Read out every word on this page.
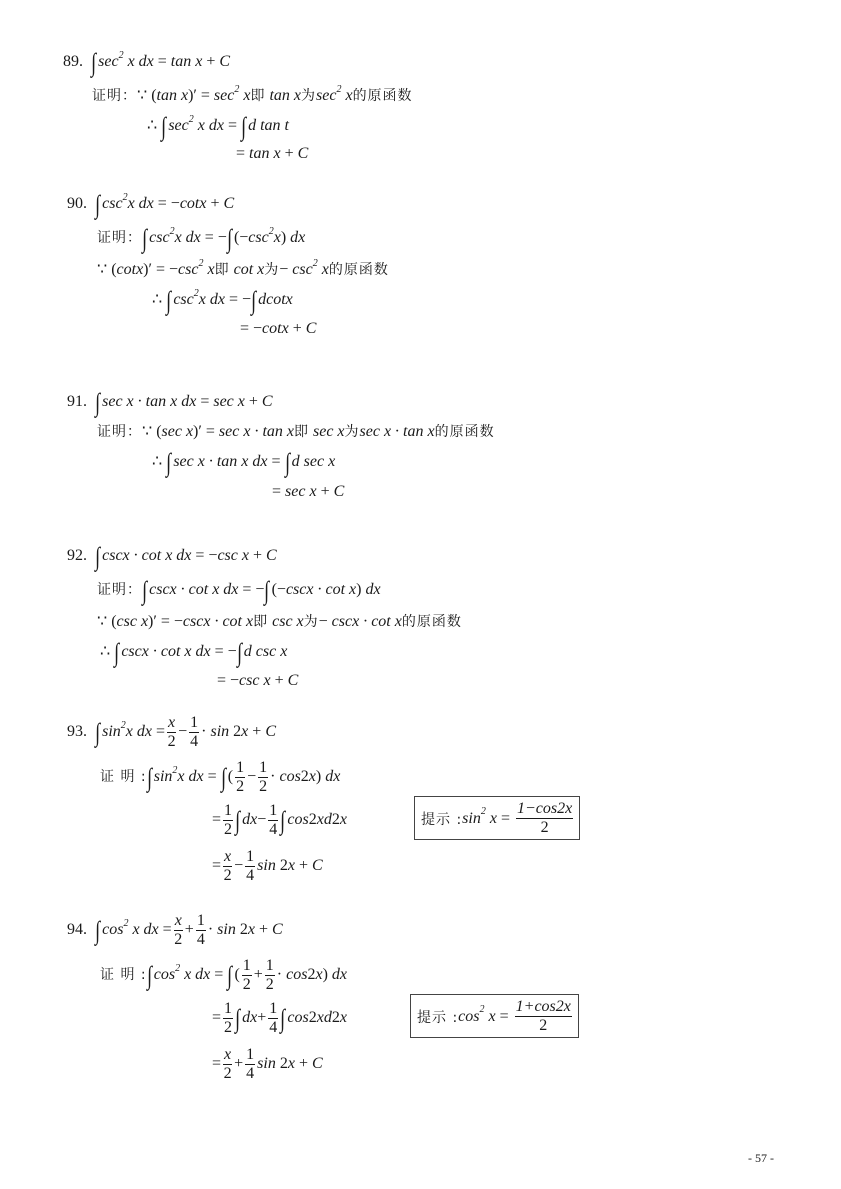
89. ∫ $\sec^2 x$ dx = tan x + C
证明： ∵ ( tan x )′ = $\sec^2 x$ 即
tan x 为 $\sec^2 x$ 的原函数
∴
∫ $\sec^2 x$ dx = ∫ d tan t
= tan x + C
90. ∫ $\csc^2x$ dx = − cotx + C
证明： ∫ $\csc^2x$ dx = − ∫ (− $\csc^2x$ ) dx
∵ ( cotx )′ = − $\csc^2 x$ 即
cot x 为 − $\csc^2 x$ 的原函数
∴
∫ $\csc^2x$ dx = − ∫ dcotx
= − cotx + C
91. ∫ sec x · tan x dx = sec x + C
证明： ∵ ( sec x )′ = sec x · tan x 即
sec x 为 sec x · tan x 的原函数
∴
∫ sec x · tan x dx = ∫ d sec x
= sec x + C
92. ∫ cscx · cot x dx = − csc x + C
证明： ∫ cscx · cot x dx = − ∫ (− cscx · cot x ) dx
∵ ( csc x )′ = − cscx · cot x 即
csc x 为 − cscx · cot x 的原函数
∴
∫ cscx · cot x dx = − ∫ d csc x
= − csc x + C
93. ∫ $\sin^2x$ dx = $\frac{x}{2} - \frac{1}{4} \cdot \sin 2$ x + C
证 明 : ∫ $\sin^2x$ dx = ∫ ( $\frac{1}{2} - \frac{1}{2} \cdot \cos 2$ x ) dx
= $\frac{1}{2}$ ∫ dx − $\frac{1}{4}$ ∫ cos 2 xd 2 x	提示 : $\sin^2 x = \frac{1-\cos 2x}{2}$
= $\frac{x}{2} - \frac{1}{4}$ sin 2 x + C
94. ∫ $\cos^2 x$ dx = $\frac{x}{2} + \frac{1}{4} \cdot \sin 2$ x + C
证 明 : ∫ $\cos^2 x$ dx = ∫ ( $\frac{1}{2} + \frac{1}{2} \cdot \cos 2$ x ) dx
= $\frac{1}{2}$ ∫ dx + $\frac{1}{4}$ ∫ cos 2 xd 2 x	提示 : $\cos^2 x = \frac{1+\cos 2x}{2}$
= $\frac{x}{2} + \frac{1}{4}$ sin 2 x + C
- 57 -
